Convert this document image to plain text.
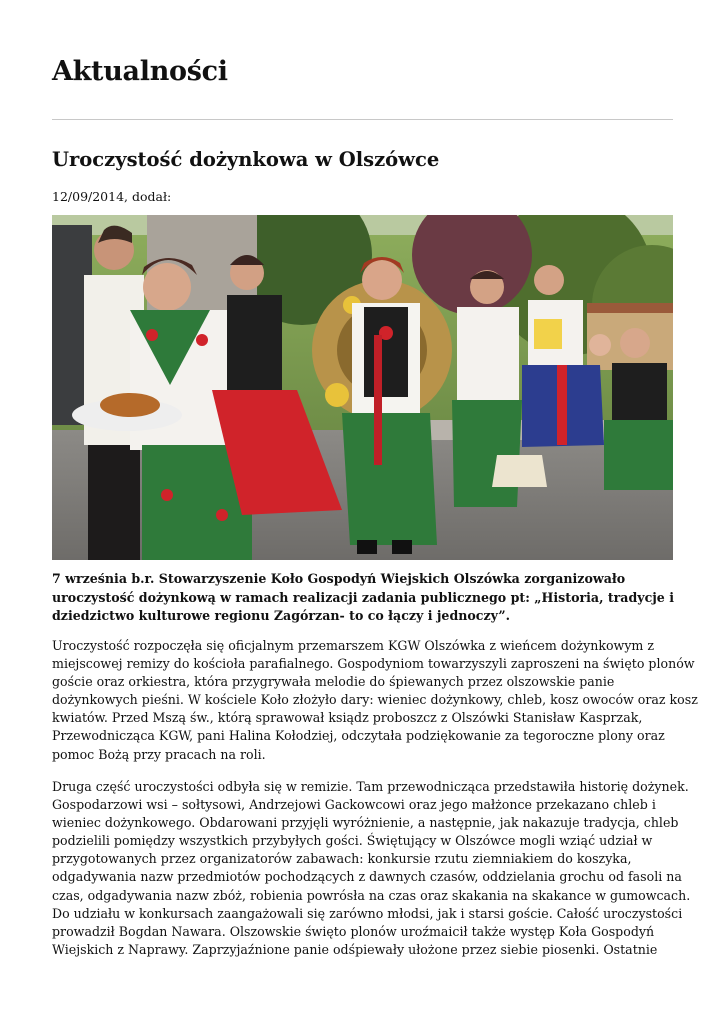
Aktualności
Uroczystość dożynkowa w Olszówce
12/09/2014, dodał:

7 września b.r. Stowarzyszenie Koło Gospodyń Wiejskich Olszówka zorganizowało
uroczystość dożynkową w ramach realizacji zadania publicznego pt: „Historia, tradycje i
dziedzictwo kulturowe regionu Zagórzan- to co łączy i jednoczy”.

Uroczystość rozpoczęła się oficjalnym przemarszem KGW Olszówka z wieńcem dożynkowym z
miejscowej remizy do kościoła parafialnego. Gospodyniom towarzyszyli zaproszeni na święto plonów
goście oraz orkiestra, która przygrywała melodie do śpiewanych przez olszowskie panie
dożynkowych pieśni. W kościele Koło złożyło dary: wieniec dożynkowy, chleb, kosz owoców oraz kosz
kwiatów. Przed Mszą św., którą sprawował ksiądz proboszcz z Olszówki Stanisław Kasprzak,
Przewodnicząca KGW, pani Halina Kołodziej, odczytała podziękowanie za tegoroczne plony oraz
pomoc Bożą przy pracach na roli.

Druga część uroczystości odbyła się w remizie. Tam przewodnicząca przedstawiła historię dożynek.
Gospodarzowi wsi – sołtysowi, Andrzejowi Gackowcowi oraz jego małżonce przekazano chleb i
wieniec dożynkowego. Obdarowani przyjęli wyróżnienie, a następnie, jak nakazuje tradycja, chleb
podzielili pomiędzy wszystkich przybyłych gości. Świętujący w Olszówce mogli wziąć udział w
przygotowanych przez organizatorów zabawach: konkursie rzutu ziemniakiem do koszyka,
odgadywania nazw przedmiotów pochodzących z dawnych czasów, oddzielania grochu od fasoli na
czas, odgadywania nazw zbóż, robienia powrósła na czas oraz skakania na skakance w gumowcach.
Do udziału w konkursach zaangażowali się zarówno młodsi, jak i starsi goście. Całość uroczystości
prowadził Bogdan Nawara. Olszowskie święto plonów uroźmaicił także występ Koła Gospodyń
Wiejskich z Naprawy. Zaprzyjaźnione panie odśpiewały ułożone przez siebie piosenki. Ostatnie
